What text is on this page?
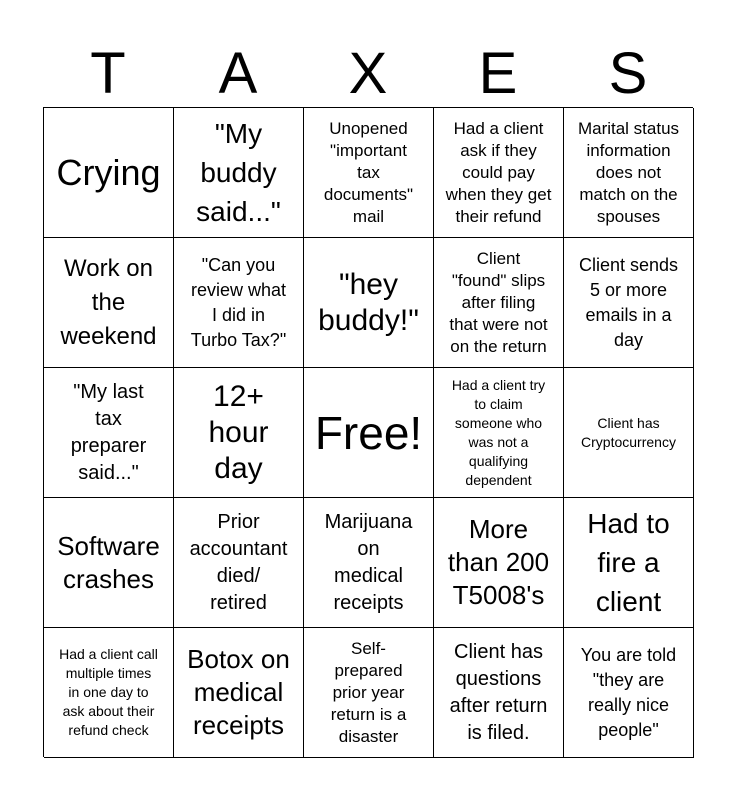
T	A	X	E	S
Crying
"My
buddy
said..."
Unopened
"important
tax
documents"
mail
Had a client
ask if they
could pay
when they get
their refund
Marital status
information
does not
match on the
spouses
Work on
the
weekend
"Can you
review what
I did in
Turbo Tax?"
"hey
buddy!"
Client
"found" slips
after filing
that were not
on the return
Client sends
5 or more
emails in a
day
"My last
tax
preparer
said..."
12+
hour
day
Free!
Had a client try
to claim
someone who
was not a
qualifying
dependent
Client has
Cryptocurrency
Software
crashes
Prior
accountant
died/
retired
Marijuana
on
medical
receipts
More
than 200
T5008's
Had to
fire a
client
Had a client call
multiple times
in one day to
ask about their
refund check
Botox on
medical
receipts
Self-
prepared
prior year
return is a
disaster
Client has
questions
after return
is filed.
You are told
"they are
really nice
people"
